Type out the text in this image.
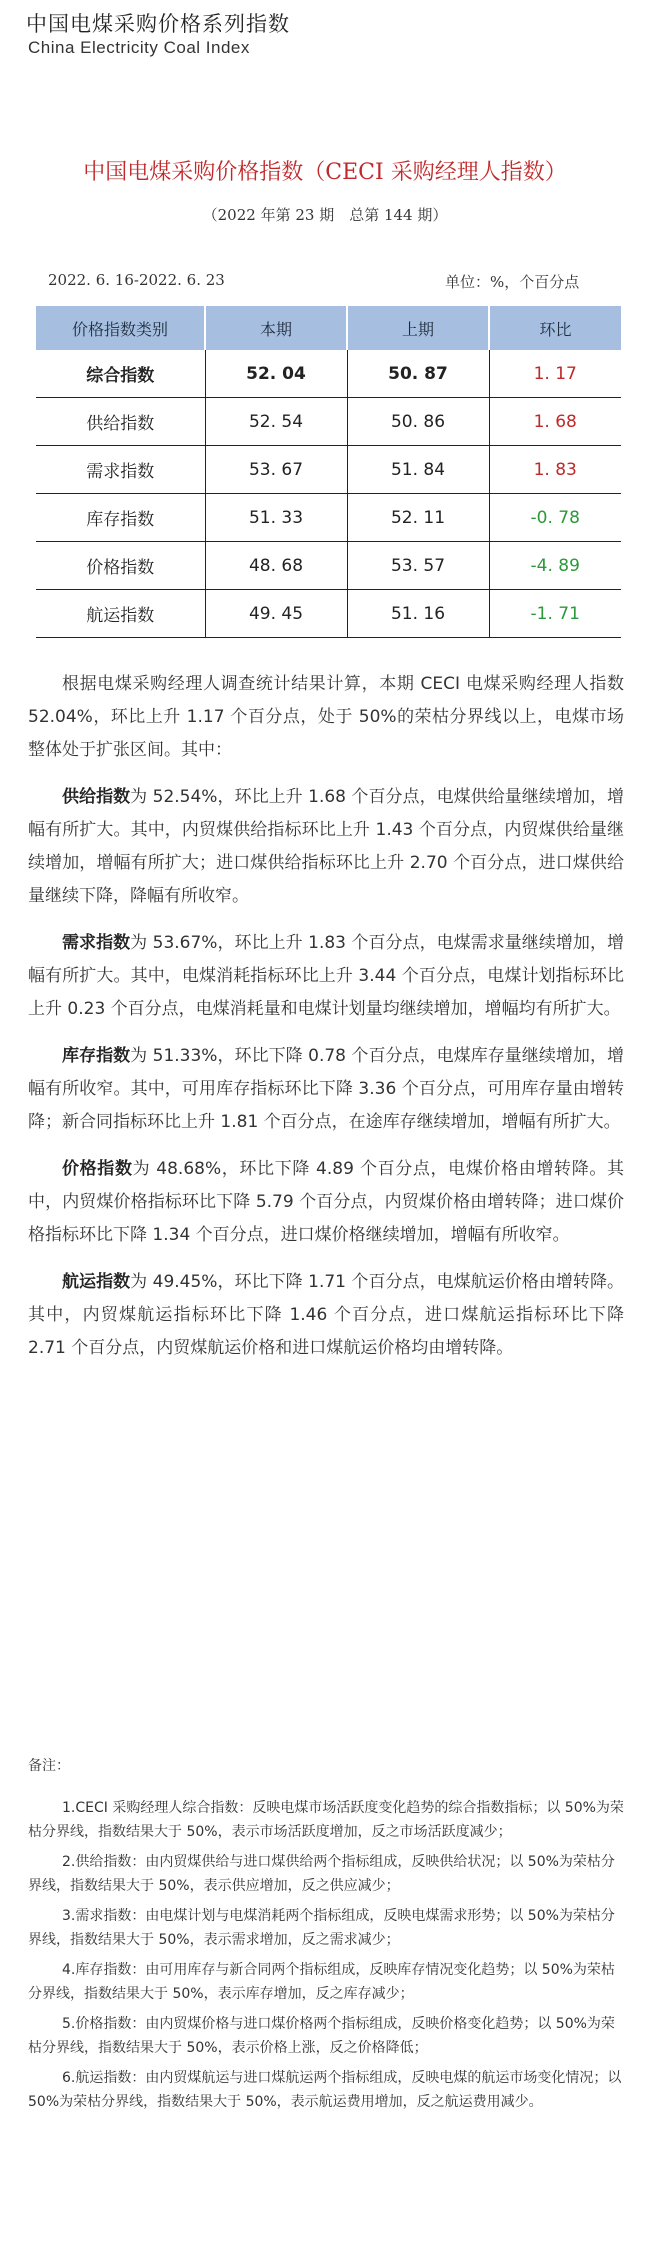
中国电煤采购价格系列指数
China Electricity Coal Index
中国电煤采购价格指数（CECI 采购经理人指数）
（2022 年第 23 期　总第 144 期）
2022. 6. 16-2022. 6. 23	单位：%，个百分点
价格指数类别	本期	上期	环比
综合指数	52. 04	50. 87	1. 17
供给指数	52. 54	50. 86	1. 68
需求指数	53. 67	51. 84	1. 83
库存指数	51. 33	52. 11	-0. 78
价格指数	48. 68	53. 57	-4. 89
航运指数	49. 45	51. 16	-1. 71

根据电煤采购经理人调查统计结果计算，本期 CECI 电煤采购经理人指数 52.04%，环比上升 1.17 个百分点，处于 50%的荣枯分界线以上，电煤市场整体处于扩张区间。其中：

供给指数为 52.54%，环比上升 1.68 个百分点，电煤供给量继续增加，增幅有所扩大。其中，内贸煤供给指标环比上升 1.43 个百分点，内贸煤供给量继续增加，增幅有所扩大；进口煤供给指标环比上升 2.70 个百分点，进口煤供给量继续下降，降幅有所收窄。

需求指数为 53.67%，环比上升 1.83 个百分点，电煤需求量继续增加，增幅有所扩大。其中，电煤消耗指标环比上升 3.44 个百分点，电煤计划指标环比上升 0.23 个百分点，电煤消耗量和电煤计划量均继续增加，增幅均有所扩大。

库存指数为 51.33%，环比下降 0.78 个百分点，电煤库存量继续增加，增幅有所收窄。其中，可用库存指标环比下降 3.36 个百分点，可用库存量由增转降；新合同指标环比上升 1.81 个百分点，在途库存继续增加，增幅有所扩大。

价格指数为 48.68%，环比下降 4.89 个百分点，电煤价格由增转降。其中，内贸煤价格指标环比下降 5.79 个百分点，内贸煤价格由增转降；进口煤价格指标环比下降 1.34 个百分点，进口煤价格继续增加，增幅有所收窄。

航运指数为 49.45%，环比下降 1.71 个百分点，电煤航运价格由增转降。其中，内贸煤航运指标环比下降 1.46 个百分点，进口煤航运指标环比下降 2.71 个百分点，内贸煤航运价格和进口煤航运价格均由增转降。

备注：

1.CECI 采购经理人综合指数：反映电煤市场活跃度变化趋势的综合指数指标；以 50%为荣枯分界线，指数结果大于 50%，表示市场活跃度增加，反之市场活跃度减少；

2.供给指数：由内贸煤供给与进口煤供给两个指标组成，反映供给状况；以 50%为荣枯分界线，指数结果大于 50%，表示供应增加，反之供应减少；

3.需求指数：由电煤计划与电煤消耗两个指标组成，反映电煤需求形势；以 50%为荣枯分界线，指数结果大于 50%，表示需求增加，反之需求减少；

4.库存指数：由可用库存与新合同两个指标组成，反映库存情况变化趋势；以 50%为荣枯分界线，指数结果大于 50%，表示库存增加，反之库存减少；

5.价格指数：由内贸煤价格与进口煤价格两个指标组成，反映价格变化趋势；以 50%为荣枯分界线，指数结果大于 50%，表示价格上涨，反之价格降低；

6.航运指数：由内贸煤航运与进口煤航运两个指标组成，反映电煤的航运市场变化情况；以 50%为荣枯分界线，指数结果大于 50%，表示航运费用增加，反之航运费用减少。
